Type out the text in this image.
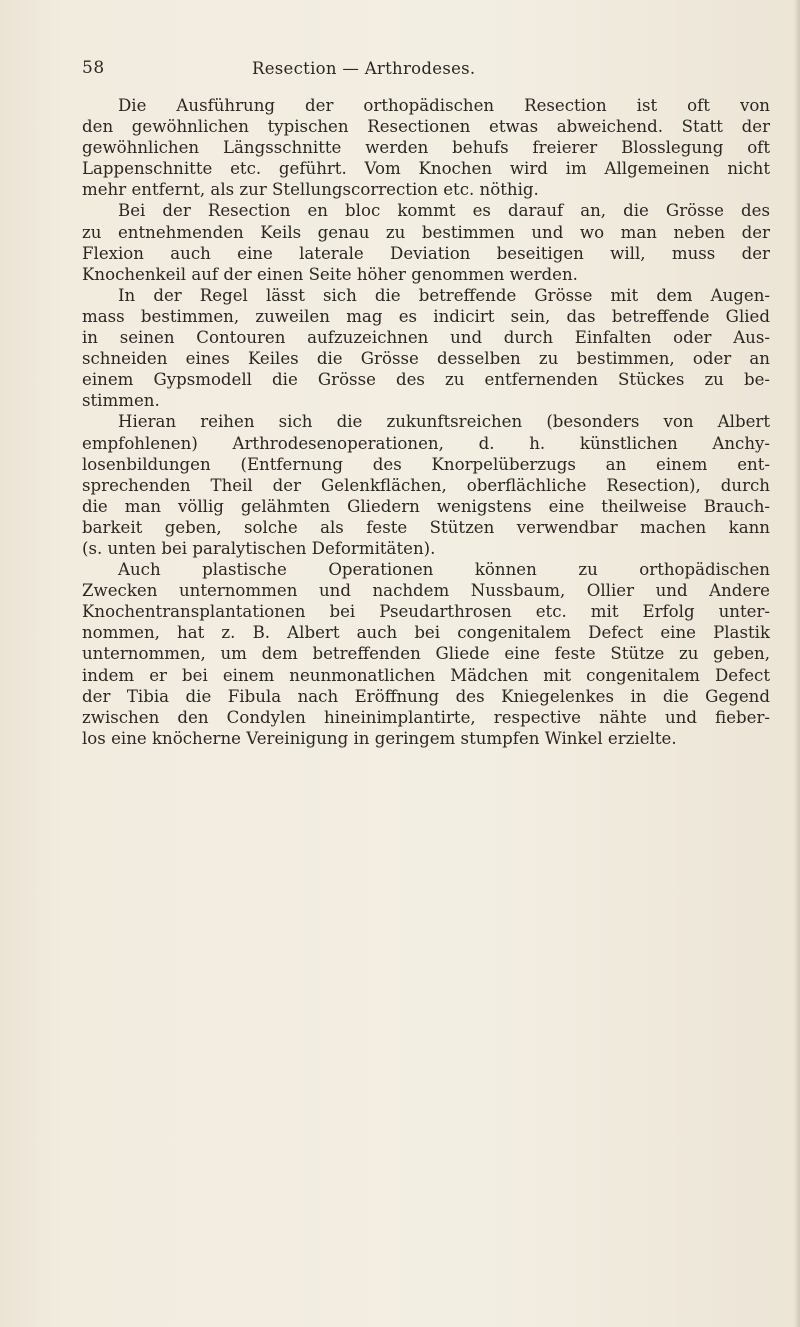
58	Resection — Arthrodeses.
Die Ausführung der orthopädischen Resection ist oft von
den gewöhnlichen typischen Resectionen etwas abweichend. Statt der
gewöhnlichen Längsschnitte werden behufs freierer Blosslegung oft
Lappenschnitte etc. geführt. Vom Knochen wird im Allgemeinen nicht
mehr entfernt, als zur Stellungscorrection etc. nöthig.
Bei der Resection en bloc kommt es darauf an, die Grösse des
zu entnehmenden Keils genau zu bestimmen und wo man neben der
Flexion auch eine laterale Deviation beseitigen will, muss der
Knochenkeil auf der einen Seite höher genommen werden.
In der Regel lässt sich die betreffende Grösse mit dem Augen-
mass bestimmen, zuweilen mag es indicirt sein, das betreffende Glied
in seinen Contouren aufzuzeichnen und durch Einfalten oder Aus-
schneiden eines Keiles die Grösse desselben zu bestimmen, oder an
einem Gypsmodell die Grösse des zu entfernenden Stückes zu be-
stimmen.
Hieran reihen sich die zukunftsreichen (besonders von Albert
empfohlenen) Arthrodesenoperationen, d. h. künstlichen Anchy-
losenbildungen (Entfernung des Knorpelüberzugs an einem ent-
sprechenden Theil der Gelenkflächen, oberflächliche Resection), durch
die man völlig gelähmten Gliedern wenigstens eine theilweise Brauch-
barkeit geben, solche als feste Stützen verwendbar machen kann
(s. unten bei paralytischen Deformitäten).
Auch plastische Operationen können zu orthopädischen
Zwecken unternommen und nachdem Nussbaum, Ollier und Andere
Knochentransplantationen bei Pseudarthrosen etc. mit Erfolg unter-
nommen, hat z. B. Albert auch bei congenitalem Defect eine Plastik
unternommen, um dem betreffenden Gliede eine feste Stütze zu geben,
indem er bei einem neunmonatlichen Mädchen mit congenitalem Defect
der Tibia die Fibula nach Eröffnung des Kniegelenkes in die Gegend
zwischen den Condylen hineinimplantirte, respective nähte und fieber-
los eine knöcherne Vereinigung in geringem stumpfen Winkel erzielte.
